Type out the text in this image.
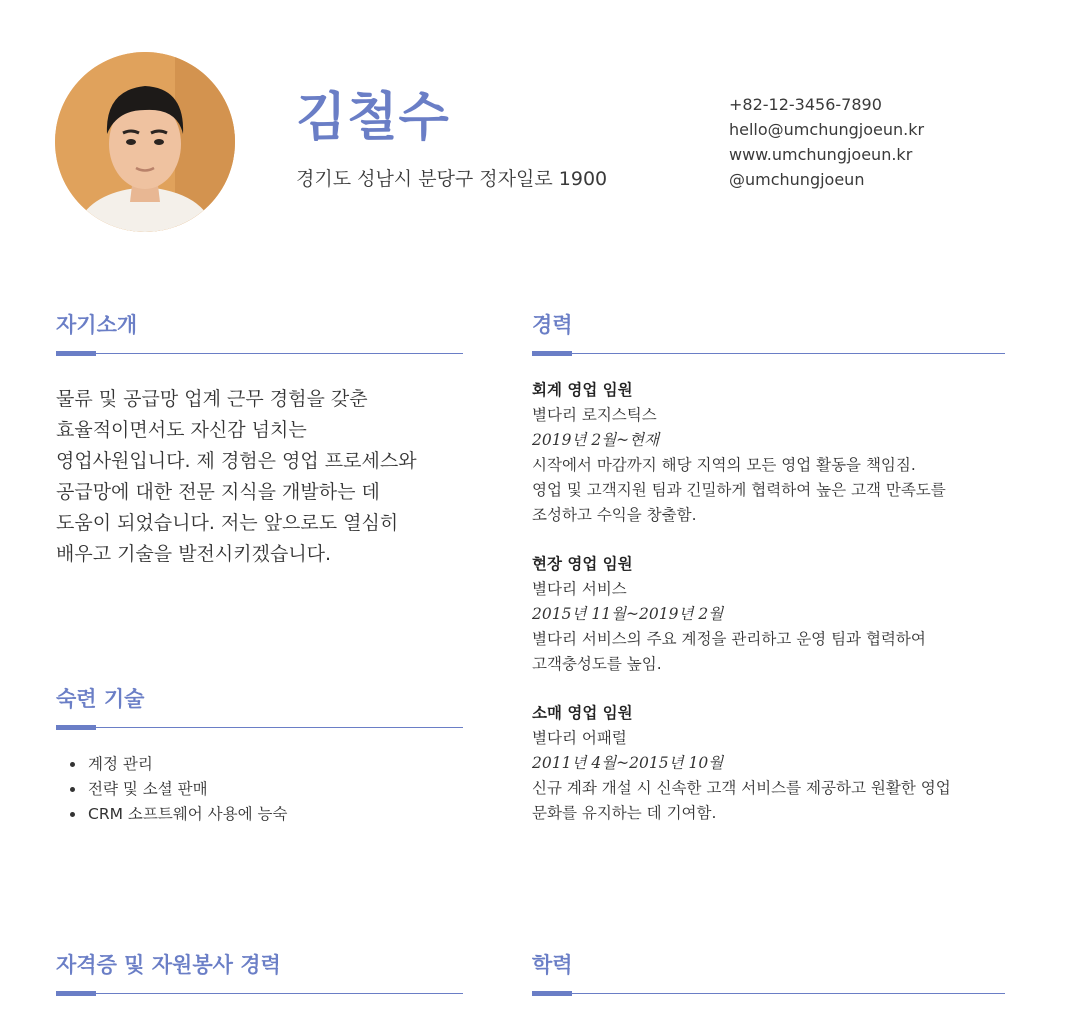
김철수
경기도 성남시 분당구 정자일로 1900
+82-12-3456-7890
hello@umchungjoeun.kr
www.umchungjoeun.kr
@umchungjoeun
자기소개
물류 및 공급망 업계 근무 경험을 갖춘
효율적이면서도 자신감 넘치는
영업사원입니다. 제 경험은 영업 프로세스와
공급망에 대한 전문 지식을 개발하는 데
도움이 되었습니다. 저는 앞으로도 열심히
배우고 기술을 발전시키겠습니다.
숙련 기술
• 계정 관리
• 전략 및 소셜 판매
• CRM 소프트웨어 사용에 능숙
경력
회계 영업 임원
별다리 로지스틱스
2019년 2월~현재
시작에서 마감까지 해당 지역의 모든 영업 활동을 책임짐.
영업 및 고객지원 팀과 긴밀하게 협력하여 높은 고객 만족도를
조성하고 수익을 창출함.
현장 영업 임원
별다리 서비스
2015년 11월~2019년 2월
별다리 서비스의 주요 계정을 관리하고 운영 팀과 협력하여
고객충성도를 높임.
소매 영업 임원
별다리 어패럴
2011년 4월~2015년 10월
신규 계좌 개설 시 신속한 고객 서비스를 제공하고 원활한 영업
문화를 유지하는 데 기여함.
자격증 및 자원봉사 경력	학력
